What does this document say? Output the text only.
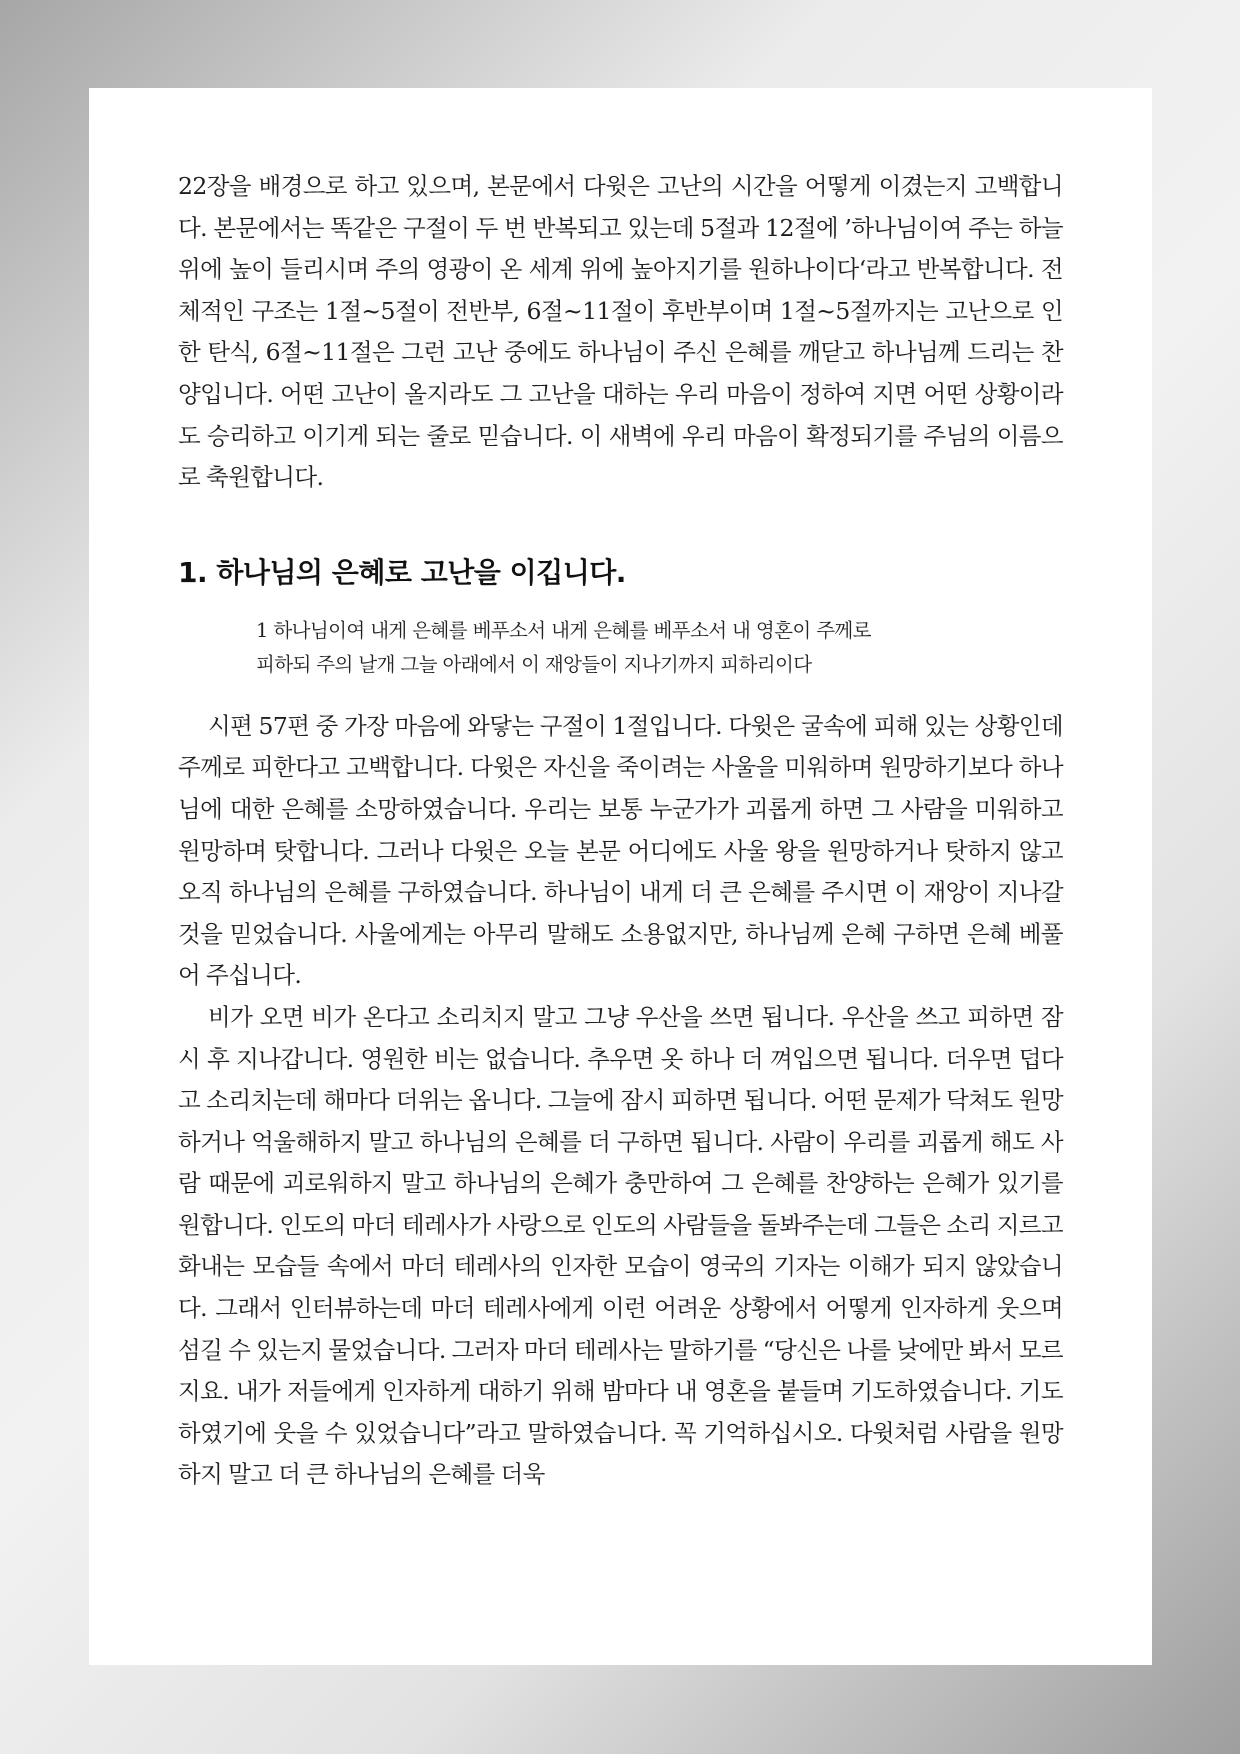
22장을 배경으로 하고 있으며, 본문에서 다윗은 고난의 시간을 어떻게 이겼는지 고백합니다. 본문에서는 똑같은 구절이 두 번 반복되고 있는데 5절과 12절에 ’하나님이여 주는 하늘 위에 높이 들리시며 주의 영광이 온 세계 위에 높아지기를 원하나이다‘라고 반복합니다. 전체적인 구조는 1절~5절이 전반부, 6절~11절이 후반부이며 1절~5절까지는 고난으로 인한 탄식, 6절~11절은 그런 고난 중에도 하나님이 주신 은혜를 깨닫고 하나님께 드리는 찬양입니다. 어떤 고난이 올지라도 그 고난을 대하는 우리 마음이 정하여 지면 어떤 상황이라도 승리하고 이기게 되는 줄로 믿습니다. 이 새벽에 우리 마음이 확정되기를 주님의 이름으로 축원합니다.

1. 하나님의 은혜로 고난을 이깁니다.
1 하나님이여 내게 은혜를 베푸소서 내게 은혜를 베푸소서 내 영혼이 주께로
피하되 주의 날개 그늘 아래에서 이 재앙들이 지나기까지 피하리이다

시편 57편 중 가장 마음에 와닿는 구절이 1절입니다. 다윗은 굴속에 피해 있는 상황인데 주께로 피한다고 고백합니다. 다윗은 자신을 죽이려는 사울을 미워하며 원망하기보다 하나님에 대한 은혜를 소망하였습니다. 우리는 보통 누군가가 괴롭게 하면 그 사람을 미워하고 원망하며 탓합니다. 그러나 다윗은 오늘 본문 어디에도 사울 왕을 원망하거나 탓하지 않고 오직 하나님의 은혜를 구하였습니다. 하나님이 내게 더 큰 은혜를 주시면 이 재앙이 지나갈 것을 믿었습니다. 사울에게는 아무리 말해도 소용없지만, 하나님께 은혜 구하면 은혜 베풀어 주십니다.

비가 오면 비가 온다고 소리치지 말고 그냥 우산을 쓰면 됩니다. 우산을 쓰고 피하면 잠시 후 지나갑니다. 영원한 비는 없습니다. 추우면 옷 하나 더 껴입으면 됩니다. 더우면 덥다고 소리치는데 해마다 더위는 옵니다. 그늘에 잠시 피하면 됩니다. 어떤 문제가 닥쳐도 원망하거나 억울해하지 말고 하나님의 은혜를 더 구하면 됩니다. 사람이 우리를 괴롭게 해도 사람 때문에 괴로워하지 말고 하나님의 은혜가 충만하여 그 은혜를 찬양하는 은혜가 있기를 원합니다. 인도의 마더 테레사가 사랑으로 인도의 사람들을 돌봐주는데 그들은 소리 지르고 화내는 모습들 속에서 마더 테레사의 인자한 모습이 영국의 기자는 이해가 되지 않았습니다. 그래서 인터뷰하는데 마더 테레사에게 이런 어려운 상황에서 어떻게 인자하게 웃으며 섬길 수 있는지 물었습니다. 그러자 마더 테레사는 말하기를 “당신은 나를 낮에만 봐서 모르지요. 내가 저들에게 인자하게 대하기 위해 밤마다 내 영혼을 붙들며 기도하였습니다. 기도하였기에 웃을 수 있었습니다”라고 말하였습니다. 꼭 기억하십시오. 다윗처럼 사람을 원망하지 말고 더 큰 하나님의 은혜를 더욱
